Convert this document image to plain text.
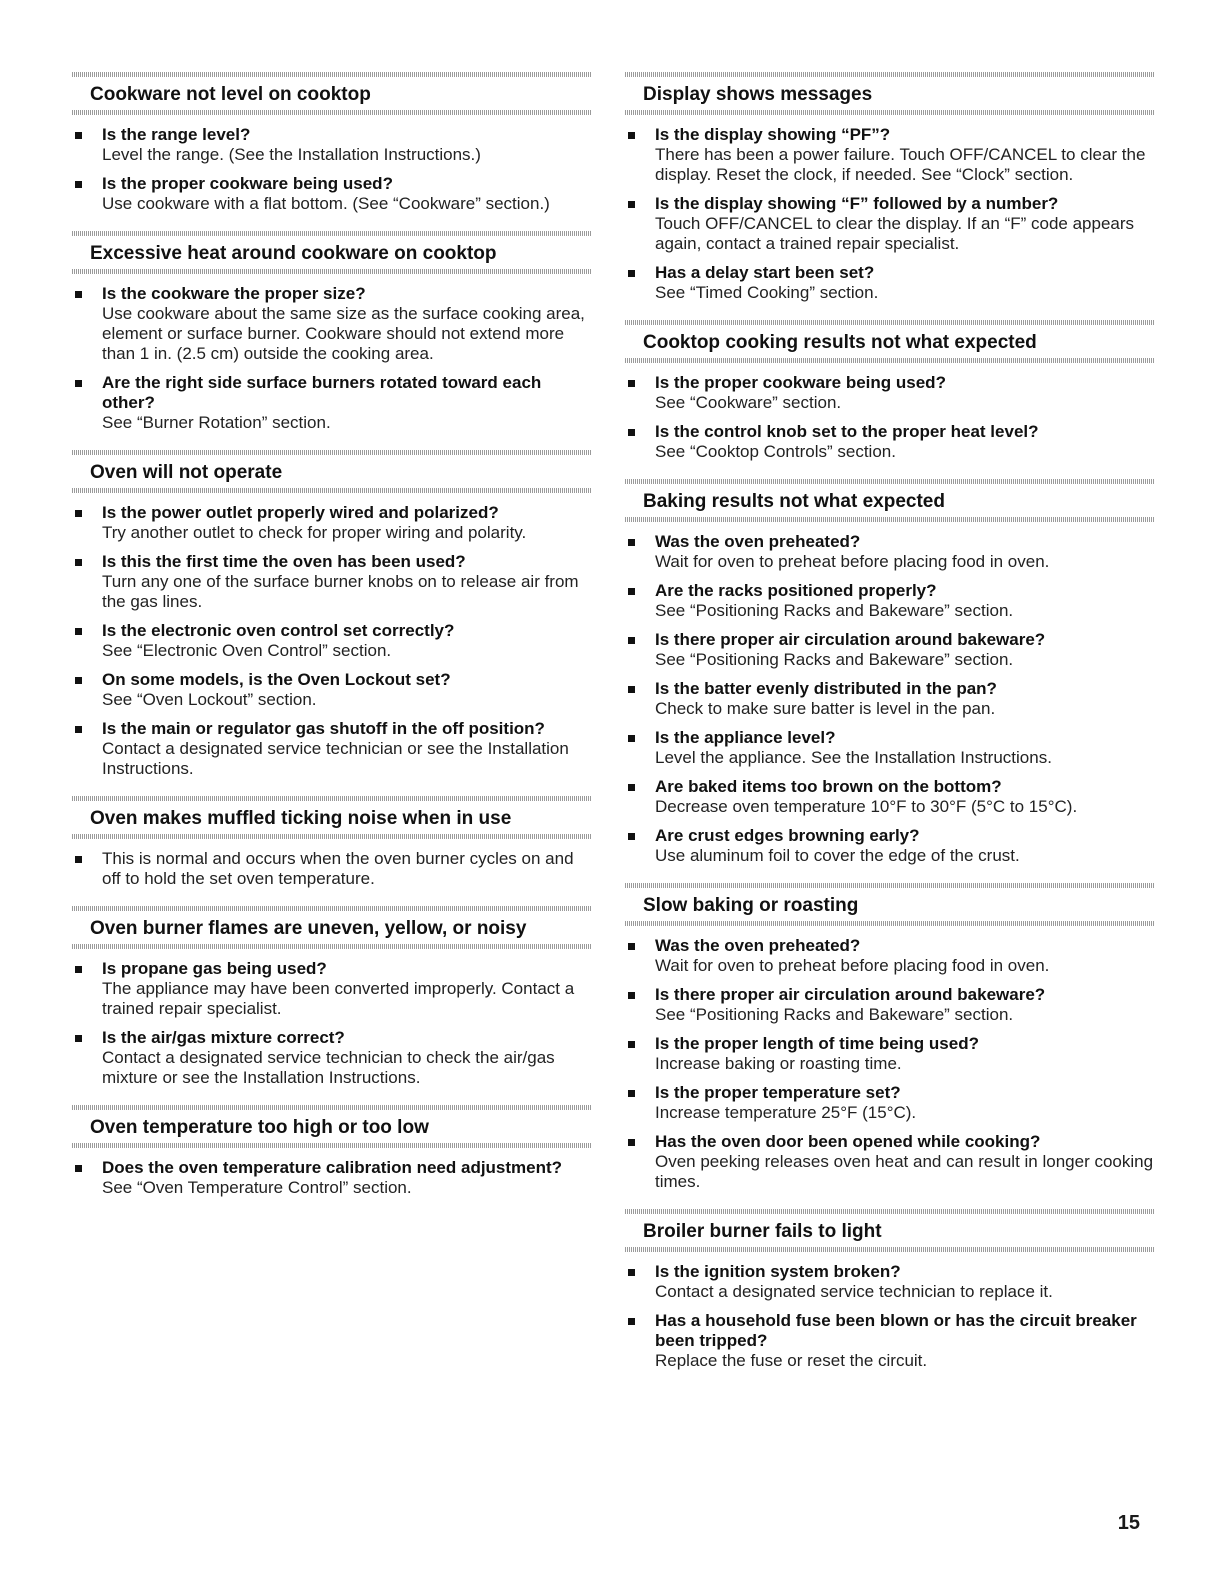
Cookware not level on cooktop
Is the range level?
Level the range. (See the Installation Instructions.)
Is the proper cookware being used?
Use cookware with a flat bottom. (See “Cookware” section.)
Excessive heat around cookware on cooktop
Is the cookware the proper size?
Use cookware about the same size as the surface cooking area, element or surface burner. Cookware should not extend more than 1 in. (2.5 cm) outside the cooking area.
Are the right side surface burners rotated toward each other?
See “Burner Rotation” section.
Oven will not operate
Is the power outlet properly wired and polarized?
Try another outlet to check for proper wiring and polarity.
Is this the first time the oven has been used?
Turn any one of the surface burner knobs on to release air from the gas lines.
Is the electronic oven control set correctly?
See “Electronic Oven Control” section.
On some models, is the Oven Lockout set?
See “Oven Lockout” section.
Is the main or regulator gas shutoff in the off position?
Contact a designated service technician or see the Installation Instructions.
Oven makes muffled ticking noise when in use
This is normal and occurs when the oven burner cycles on and off to hold the set oven temperature.
Oven burner flames are uneven, yellow, or noisy
Is propane gas being used?
The appliance may have been converted improperly. Contact a trained repair specialist.
Is the air/gas mixture correct?
Contact a designated service technician to check the air/gas mixture or see the Installation Instructions.
Oven temperature too high or too low
Does the oven temperature calibration need adjustment?
See “Oven Temperature Control” section.
Display shows messages
Is the display showing “PF”?
There has been a power failure. Touch OFF/CANCEL to clear the display. Reset the clock, if needed. See “Clock” section.
Is the display showing “F” followed by a number?
Touch OFF/CANCEL to clear the display. If an “F” code appears again, contact a trained repair specialist.
Has a delay start been set?
See “Timed Cooking” section.
Cooktop cooking results not what expected
Is the proper cookware being used?
See “Cookware” section.
Is the control knob set to the proper heat level?
See “Cooktop Controls” section.
Baking results not what expected
Was the oven preheated?
Wait for oven to preheat before placing food in oven.
Are the racks positioned properly?
See “Positioning Racks and Bakeware” section.
Is there proper air circulation around bakeware?
See “Positioning Racks and Bakeware” section.
Is the batter evenly distributed in the pan?
Check to make sure batter is level in the pan.
Is the appliance level?
Level the appliance. See the Installation Instructions.
Are baked items too brown on the bottom?
Decrease oven temperature 10°F to 30°F (5°C to 15°C).
Are crust edges browning early?
Use aluminum foil to cover the edge of the crust.
Slow baking or roasting
Was the oven preheated?
Wait for oven to preheat before placing food in oven.
Is there proper air circulation around bakeware?
See “Positioning Racks and Bakeware” section.
Is the proper length of time being used?
Increase baking or roasting time.
Is the proper temperature set?
Increase temperature 25°F (15°C).
Has the oven door been opened while cooking?
Oven peeking releases oven heat and can result in longer cooking times.
Broiler burner fails to light
Is the ignition system broken?
Contact a designated service technician to replace it.
Has a household fuse been blown or has the circuit breaker been tripped?
Replace the fuse or reset the circuit.
15
